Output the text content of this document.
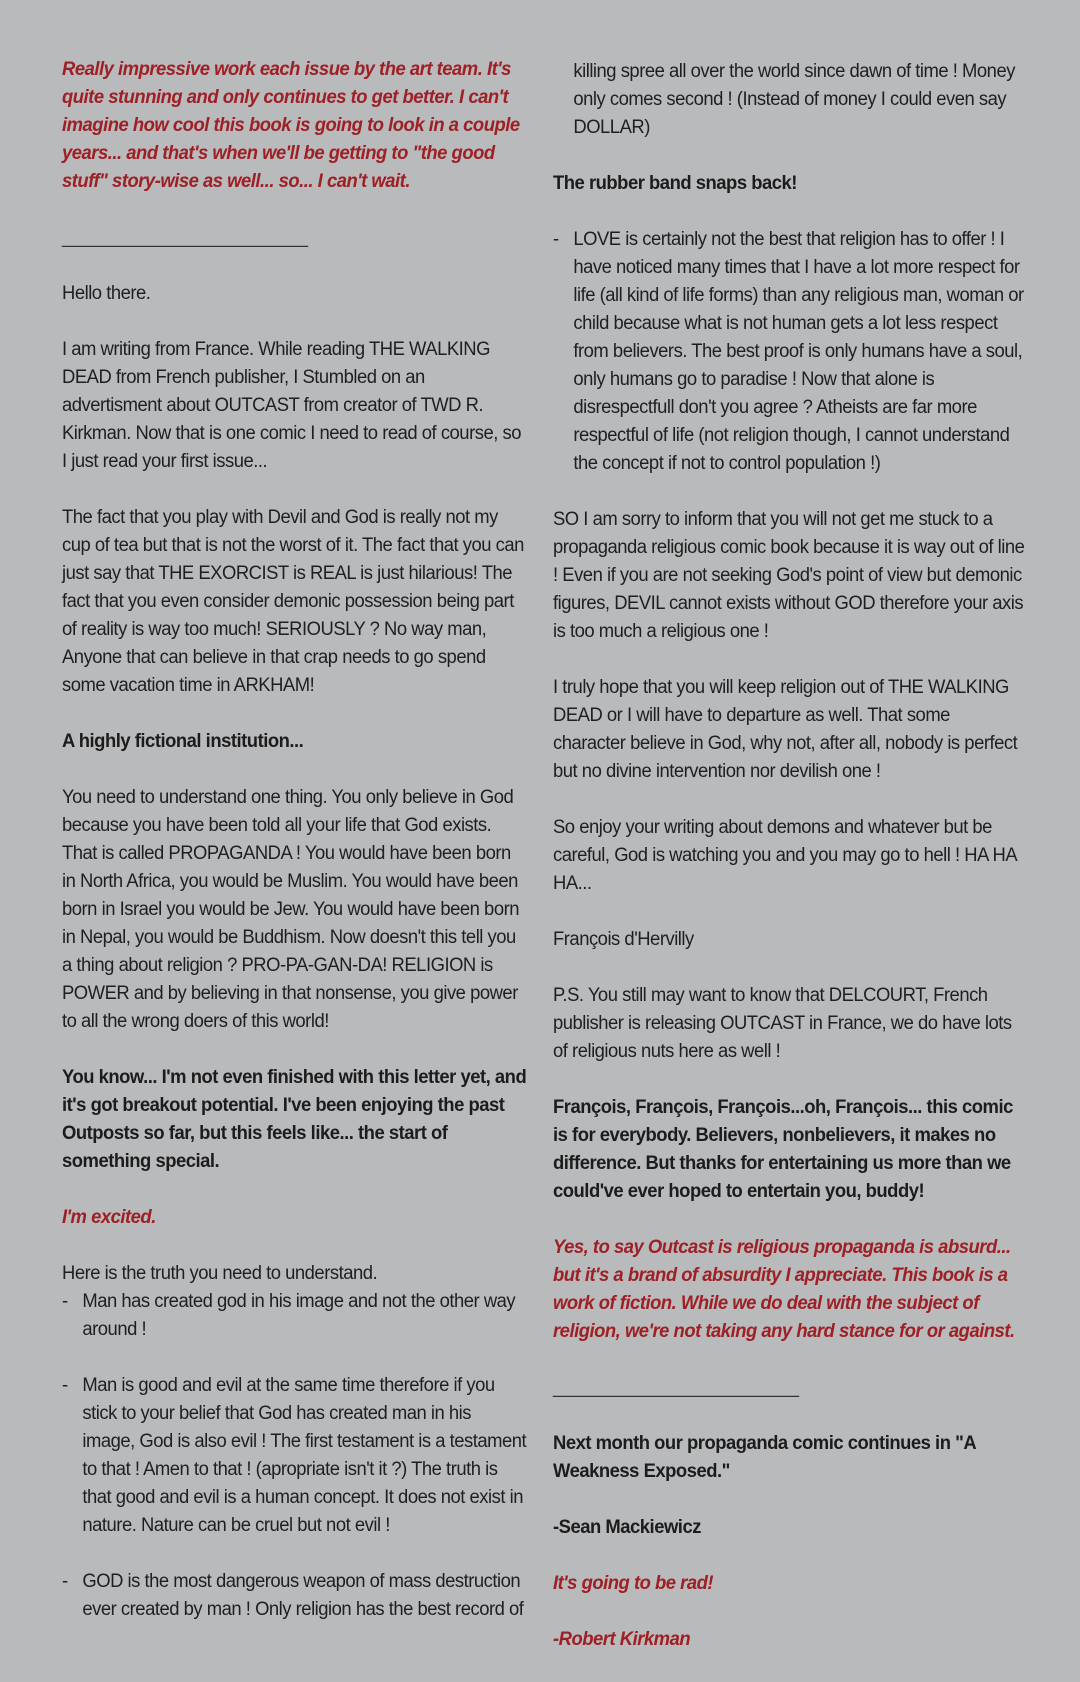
Really impressive work each issue by the art team. It's quite stunning and only continues to get better. I can't imagine how cool this book is going to look in a couple years... and that's when we'll be getting to "the good stuff" story-wise as well... so... I can't wait.

________________________

Hello there.

I am writing from France. While reading THE WALKING DEAD from French publisher, I Stumbled on an advertisment about OUTCAST from creator of TWD R. Kirkman. Now that is one comic I need to read of course, so I just read your first issue...

The fact that you play with Devil and God is really not my cup of tea but that is not the worst of it. The fact that you can just say that THE EXORCIST is REAL is just hilarious! The fact that you even consider demonic possession being part of reality is way too much! SERIOUSLY ? No way man, Anyone that can believe in that crap needs to go spend some vacation time in ARKHAM!

A highly fictional institution...

You need to understand one thing. You only believe in God because you have been told all your life that God exists. That is called PROPAGANDA ! You would have been born in North Africa, you would be Muslim. You would have been born in Israel you would be Jew. You would have been born in Nepal, you would be Buddhism. Now doesn't this tell you a thing about religion ? PRO-PA-GAN-DA! RELIGION is POWER and by believing in that nonsense, you give power to all the wrong doers of this world!

You know... I'm not even finished with this letter yet, and it's got breakout potential. I've been enjoying the past Outposts so far, but this feels like... the start of something special.

I'm excited.

Here is the truth you need to understand.

- Man has created god in his image and not the other way around !
- Man is good and evil at the same time therefore if you stick to your belief that God has created man in his image, God is also evil ! The first testament is a testament to that ! Amen to that ! (apropriate isn't it ?) The truth is that good and evil is a human concept. It does not exist in nature. Nature can be cruel but not evil !
- GOD is the most dangerous weapon of mass destruction ever created by man ! Only religion has the best record of

killing spree all over the world since dawn of time ! Money only comes second ! (Instead of money I could even say DOLLAR)

The rubber band snaps back!

- LOVE is certainly not the best that religion has to offer ! I have noticed many times that I have a lot more respect for life (all kind of life forms) than any religious man, woman or child because what is not human gets a lot less respect from believers. The best proof is only humans have a soul, only humans go to paradise ! Now that alone is disrespectfull don't you agree ? Atheists are far more respectful of life (not religion though, I cannot understand the concept if not to control population !)

SO I am sorry to inform that you will not get me stuck to a propaganda religious comic book because it is way out of line ! Even if you are not seeking God's point of view but demonic figures, DEVIL cannot exists without GOD therefore your axis is too much a religious one !

I truly hope that you will keep religion out of THE WALKING DEAD or I will have to departure as well. That some character believe in God, why not, after all, nobody is perfect but no divine intervention nor devilish one !

So enjoy your writing about demons and whatever but be careful, God is watching you and you may go to hell ! HA HA HA...

François d'Hervilly

P.S. You still may want to know that DELCOURT, French publisher is releasing OUTCAST in France, we do have lots of religious nuts here as well !

François, François, François...oh, François... this comic is for everybody. Believers, nonbelievers, it makes no difference. But thanks for entertaining us more than we could've ever hoped to entertain you, buddy!

Yes, to say Outcast is religious propaganda is absurd... but it's a brand of absurdity I appreciate. This book is a work of fiction. While we do deal with the subject of religion, we're not taking any hard stance for or against.

________________________

Next month our propaganda comic continues in "A Weakness Exposed."

-Sean Mackiewicz

It's going to be rad!

-Robert Kirkman
